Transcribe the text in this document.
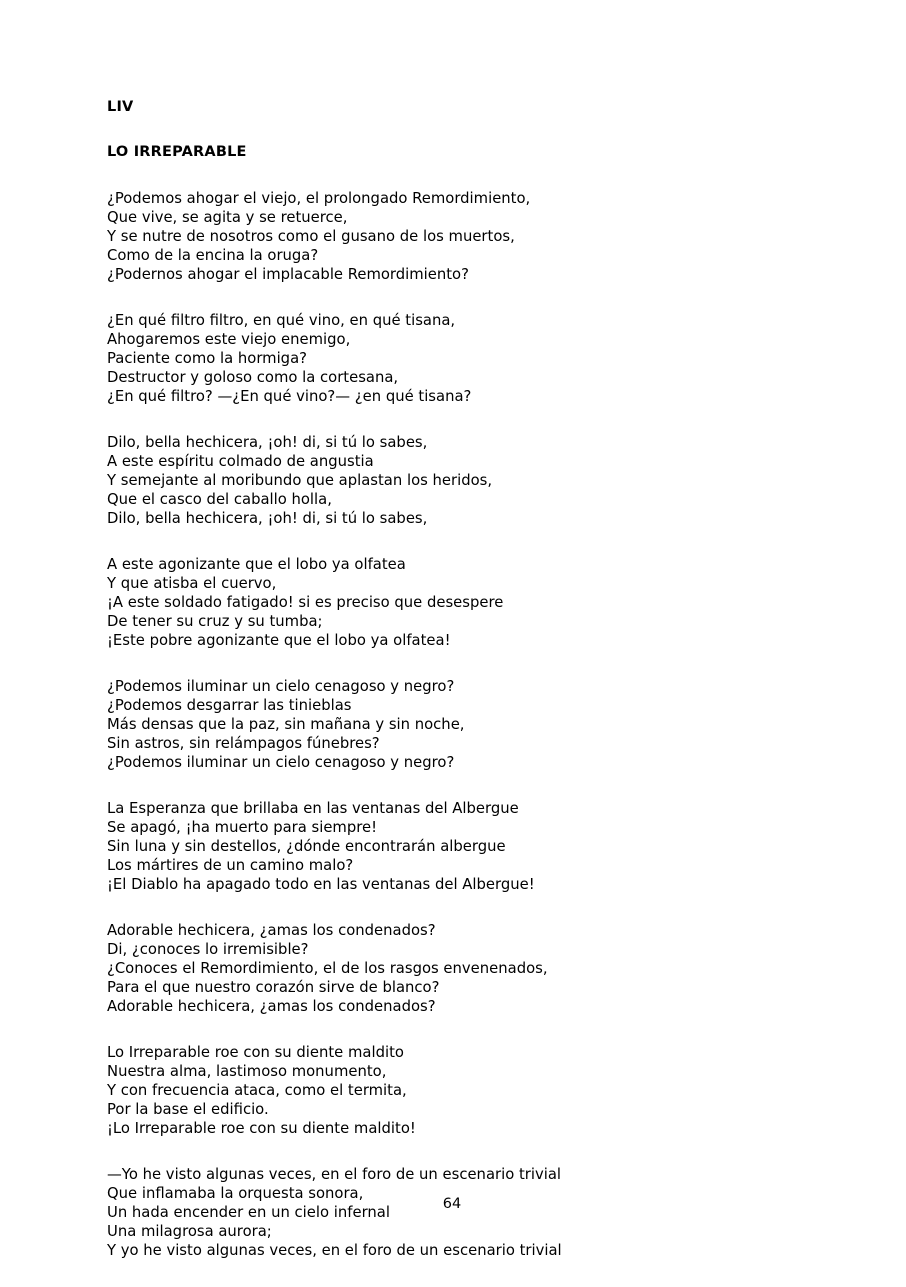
LIV
LO IRREPARABLE
¿Podemos ahogar el viejo, el prolongado Remordimiento,
Que vive, se agita y se retuerce,
Y se nutre de nosotros como el gusano de los muertos,
Como de la encina la oruga?
¿Podernos ahogar el implacable Remordimiento?
¿En qué filtro filtro, en qué vino, en qué tisana,
Ahogaremos este viejo enemigo,
Paciente como la hormiga?
Destructor y goloso como la cortesana,
¿En qué filtro? —¿En qué vino?— ¿en qué tisana?
Dilo, bella hechicera, ¡oh! di, si tú lo sabes,
A este espíritu colmado de angustia
Y semejante al moribundo que aplastan los heridos,
Que el casco del caballo holla,
Dilo, bella hechicera, ¡oh! di, si tú lo sabes,
A este agonizante que el lobo ya olfatea
Y que atisba el cuervo,
¡A este soldado fatigado! si es preciso que desespere
De tener su cruz y su tumba;
¡Este pobre agonizante que el lobo ya olfatea!
¿Podemos iluminar un cielo cenagoso y negro?
¿Podemos desgarrar las tinieblas
Más densas que la paz, sin mañana y sin noche,
Sin astros, sin relámpagos fúnebres?
¿Podemos iluminar un cielo cenagoso y negro?
La Esperanza que brillaba en las ventanas del Albergue
Se apagó, ¡ha muerto para siempre!
Sin luna y sin destellos, ¿dónde encontrarán albergue
Los mártires de un camino malo?
¡El Diablo ha apagado todo en las ventanas del Albergue!
Adorable hechicera, ¿amas los condenados?
Di, ¿conoces lo irremisible?
¿Conoces el Remordimiento, el de los rasgos envenenados,
Para el que nuestro corazón sirve de blanco?
Adorable hechicera, ¿amas los condenados?
Lo Irreparable roe con su diente maldito
Nuestra alma, lastimoso monumento,
Y con frecuencia ataca, como el termita,
Por la base el edificio.
¡Lo Irreparable roe con su diente maldito!
—Yo he visto algunas veces, en el foro de un escenario trivial
Que inflamaba la orquesta sonora,
Un hada encender en un cielo infernal
Una milagrosa aurora;
Y yo he visto algunas veces, en el foro de un escenario trivial
64
